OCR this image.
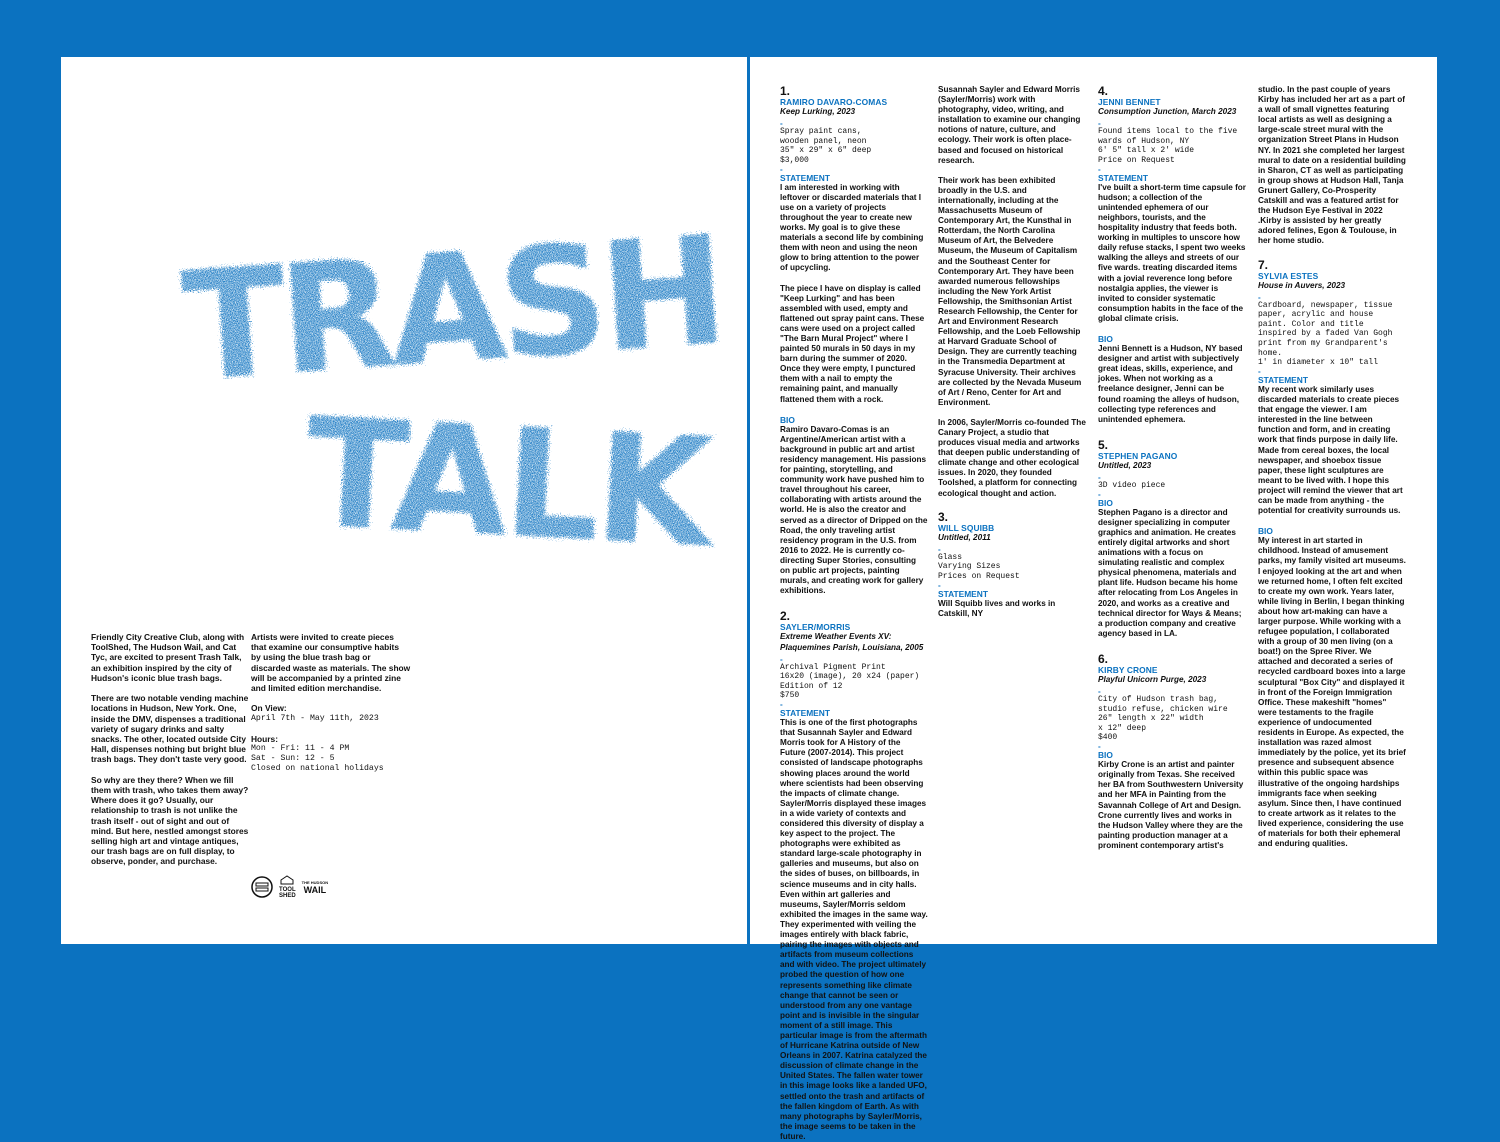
TRASH
TALK

Friendly City Creative Club, along with ToolShed, The Hudson Wail, and Cat Tyc, are excited to present Trash Talk, an exhibition inspired by the city of Hudson's iconic blue trash bags.

There are two notable vending machine locations in Hudson, New York. One, inside the DMV, dispenses a traditional variety of sugary drinks and salty snacks. The other, located outside City Hall, dispenses nothing but bright blue trash bags. They don't taste very good.

So why are they there? When we fill them with trash, who takes them away? Where does it go? Usually, our relationship to trash is not unlike the trash itself - out of sight and out of mind. But here, nestled amongst stores selling high art and vintage antiques, our trash bags are on full display, to observe, ponder, and purchase.

Artists were invited to create pieces that examine our consumptive habits by using the blue trash bag or discarded waste as materials. The show will be accompanied by a printed zine and limited edition merchandise.

On View:
April 7th - May 11th, 2023
Hours:
Mon - Fri: 11 - 4 PM
Sat - Sun: 12 - 5
Closed on national holidays
TOOL
SHED
THE HUDSON
WAIL
1.
RAMIRO DAVARO-COMAS
Keep Lurking, 2023
-
Spray paint cans,
wooden panel, neon
35" x 29" x 6" deep
$3,000
-
STATEMENT
I am interested in working with leftover or discarded materials that I use on a variety of projects throughout the year to create new works. My goal is to give these materials a second life by combining them with neon and using the neon glow to bring attention to the power of upcycling.
The piece I have on display is called "Keep Lurking" and has been assembled with used, empty and flattened out spray paint cans. These cans were used on a project called "The Barn Mural Project" where I painted 50 murals in 50 days in my barn during the summer of 2020. Once they were empty, I punctured them with a nail to empty the remaining paint, and manually flattened them with a rock.
BIO
Ramiro Davaro-Comas is an Argentine/American artist with a background in public art and artist residency management. His passions for painting, storytelling, and community work have pushed him to travel throughout his career, collaborating with artists around the world. He is also the creator and served as a director of Dripped on the Road, the only traveling artist residency program in the U.S. from 2016 to 2022. He is currently co-directing Super Stories, consulting on public art projects, painting murals, and creating work for gallery exhibitions.
2.
SAYLER/MORRIS
Extreme Weather Events XV: Plaquemines Parish, Louisiana, 2005
-
Archival Pigment Print
16x20 (image), 20 x24 (paper)
Edition of 12
$750
-
STATEMENT
This is one of the first photographs that Susannah Sayler and Edward Morris took for A History of the Future (2007-2014). This project consisted of landscape photographs showing places around the world where scientists had been observing the impacts of climate change. Sayler/Morris displayed these images in a wide variety of contexts and considered this diversity of display a key aspect to the project. The photographs were exhibited as standard large-scale photography in galleries and museums, but also on the sides of buses, on billboards, in science museums and in city halls. Even within art galleries and museums, Sayler/Morris seldom exhibited the images in the same way. They experimented with veiling the images entirely with black fabric, pairing the images with objects and artifacts from museum collections and with video. The project ultimately probed the question of how one represents something like climate change that cannot be seen or understood from any one vantage point and is invisible in the singular moment of a still image. This particular image is from the aftermath of Hurricane Katrina outside of New Orleans in 2007. Katrina catalyzed the discussion of climate change in the United States. The fallen water tower in this image looks like a landed UFO, settled onto the trash and artifacts of the fallen kingdom of Earth. As with many photographs by Sayler/Morris, the image seems to be taken in the future.
Susannah Sayler and Edward Morris (Sayler/Morris) work with photography, video, writing, and installation to examine our changing notions of nature, culture, and ecology. Their work is often place-based and focused on historical research.
Their work has been exhibited broadly in the U.S. and internationally, including at the Massachusetts Museum of Contemporary Art, the Kunsthal in Rotterdam, the North Carolina Museum of Art, the Belvedere Museum, the Museum of Capitalism and the Southeast Center for Contemporary Art. They have been awarded numerous fellowships including the New York Artist Fellowship, the Smithsonian Artist Research Fellowship, the Center for Art and Environment Research Fellowship, and the Loeb Fellowship at Harvard Graduate School of Design. They are currently teaching in the Transmedia Department at Syracuse University. Their archives are collected by the Nevada Museum of Art / Reno, Center for Art and Environment.
In 2006, Sayler/Morris co-founded The Canary Project, a studio that produces visual media and artworks that deepen public understanding of climate change and other ecological issues. In 2020, they founded Toolshed, a platform for connecting ecological thought and action.
3.
WILL SQUIBB
Untitled, 2011
-
Glass
Varying Sizes
Prices on Request
-
STATEMENT
Will Squibb lives and works in Catskill, NY
4.
JENNI BENNET
Consumption Junction, March 2023
-
Found items local to the five
wards of Hudson, NY
6' 5" tall x 2' wide
Price on Request
-
STATEMENT
I've built a short-term time capsule for hudson; a collection of the unintended ephemera of our neighbors, tourists, and the hospitality industry that feeds both. working in multiples to unscore how daily refuse stacks, I spent two weeks walking the alleys and streets of our five wards. treating discarded items with a jovial reverence long before nostalgia applies, the viewer is invited to consider systematic consumption habits in the face of the global climate crisis.
BIO
Jenni Bennett is a Hudson, NY based designer and artist with subjectively great ideas, skills, experience, and jokes. When not working as a freelance designer, Jenni can be found roaming the alleys of hudson, collecting type references and unintended ephemera.
5.
STEPHEN PAGANO
Untitled, 2023
-
3D video piece
-
BIO
Stephen Pagano is a director and designer specializing in computer graphics and animation. He creates entirely digital artworks and short animations with a focus on simulating realistic and complex physical phenomena, materials and plant life. Hudson became his home after relocating from Los Angeles in 2020, and works as a creative and technical director for Ways & Means; a production company and creative agency based in LA.
6.
KIRBY CRONE
Playful Unicorn Purge, 2023
-
City of Hudson trash bag, studio refuse, chicken wire
26" length x 22" width
x 12" deep
$400
-
BIO
Kirby Crone is an artist and painter originally from Texas. She received her BA from Southwestern University and her MFA in Painting from the Savannah College of Art and Design. Crone currently lives and works in the Hudson Valley where they are the painting production manager at a prominent contemporary artist's
studio. In the past couple of years Kirby has included her art as a part of a wall of small vignettes featuring local artists as well as designing a large-scale street mural with the organization Street Plans in Hudson NY. In 2021 she completed her largest mural to date on a residential building in Sharon, CT as well as participating in group shows at Hudson Hall, Tanja Grunert Gallery, Co-Prosperity Catskill and was a featured artist for the Hudson Eye Festival in 2022 .Kirby is assisted by her greatly adored felines, Egon & Toulouse, in her home studio.
7.
SYLVIA ESTES
House in Auvers, 2023
-
Cardboard, newspaper, tissue paper, acrylic and house paint. Color and title inspired by a faded Van Gogh print from my Grandparent's home.
1' in diameter x 10" tall
-
STATEMENT
My recent work similarly uses discarded materials to create pieces that engage the viewer. I am interested in the line between function and form, and in creating work that finds purpose in daily life. Made from cereal boxes, the local newspaper, and shoebox tissue paper, these light sculptures are meant to be lived with. I hope this project will remind the viewer that art can be made from anything - the potential for creativity surrounds us.
BIO
My interest in art started in childhood. Instead of amusement parks, my family visited art museums. I enjoyed looking at the art and when we returned home, I often felt excited to create my own work. Years later, while living in Berlin, I began thinking about how art-making can have a larger purpose. While working with a refugee population, I collaborated with a group of 30 men living (on a boat!) on the Spree River. We attached and decorated a series of recycled cardboard boxes into a large sculptural "Box City" and displayed it in front of the Foreign Immigration Office. These makeshift "homes" were testaments to the fragile experience of undocumented residents in Europe. As expected, the installation was razed almost immediately by the police, yet its brief presence and subsequent absence within this public space was illustrative of the ongoing hardships immigrants face when seeking asylum. Since then, I have continued to create artwork as it relates to the lived experience, considering the use of materials for both their ephemeral and enduring qualities.
